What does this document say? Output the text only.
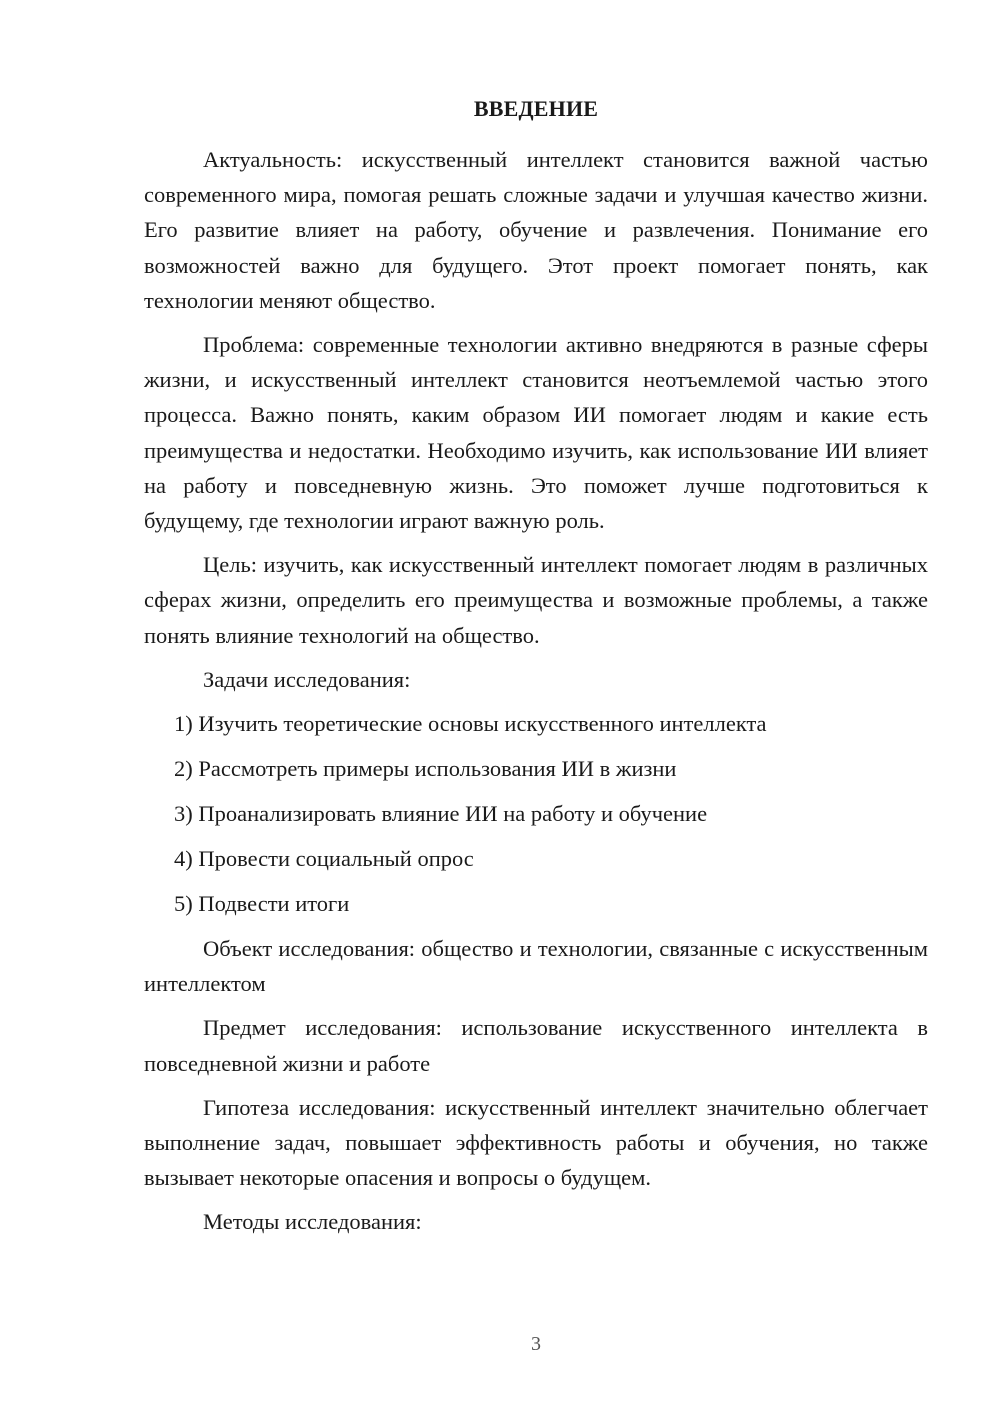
ВВЕДЕНИЕ

Актуальность: искусственный интеллект становится важной частью современного мира, помогая решать сложные задачи и улучшая качество жизни. Его развитие влияет на работу, обучение и развлечения. Понимание его возможностей важно для будущего. Этот проект помогает понять, как технологии меняют общество.

Проблема: современные технологии активно внедряются в разные сферы жизни, и искусственный интеллект становится неотъемлемой частью этого процесса. Важно понять, каким образом ИИ помогает людям и какие есть преимущества и недостатки. Необходимо изучить, как использование ИИ влияет на работу и повседневную жизнь. Это поможет лучше подготовиться к будущему, где технологии играют важную роль.

Цель: изучить, как искусственный интеллект помогает людям в различных сферах жизни, определить его преимущества и возможные проблемы, а также понять влияние технологий на общество.

Задачи исследования:

1) Изучить теоретические основы искусственного интеллекта

2) Рассмотреть примеры использования ИИ в жизни

3) Проанализировать влияние ИИ на работу и обучение

4) Провести социальный опрос

5) Подвести итоги

Объект исследования: общество и технологии, связанные с искусственным интеллектом

Предмет исследования: использование искусственного интеллекта в повседневной жизни и работе

Гипотеза исследования: искусственный интеллект значительно облегчает выполнение задач, повышает эффективность работы и обучения, но также вызывает некоторые опасения и вопросы о будущем.

Методы исследования:

3
